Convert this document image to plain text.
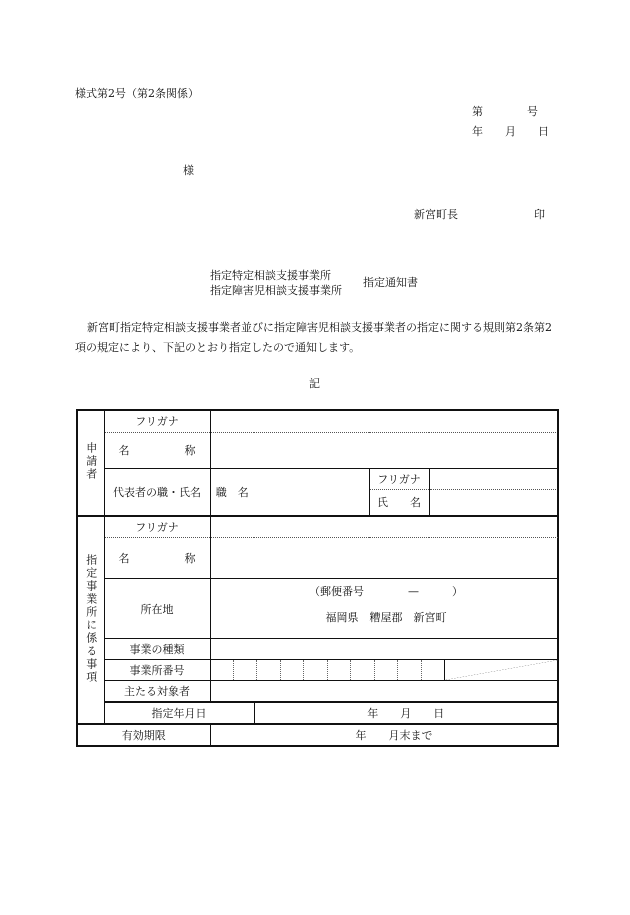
様式第2号（第2条関係）
第　　　　号
年　　月　　日
様
新宮町長	印
指定特定相談支援事業所
指定障害児相談支援事業所
指定通知書
新宮町指定特定相談支援事業者並びに指定障害児相談支援事業者の指定に関する規則第2条第2項の規定により、下記のとおり指定したので通知します。
記
申請者	フリガナ				

	名 称				

	代表者の職・氏名	職　名		フリガナ	
				氏　　名	
指定事業所に係る事項	フリガナ				

	名 称				

	所在地	（郵便番号　　　　—　　　）
福岡県　糟屋郡　新宮町			

	事業の種類				
	事業所番号				

	主たる対象者				
	指定年月日		年　　月　　日		
有効期限		年　　月末まで			
